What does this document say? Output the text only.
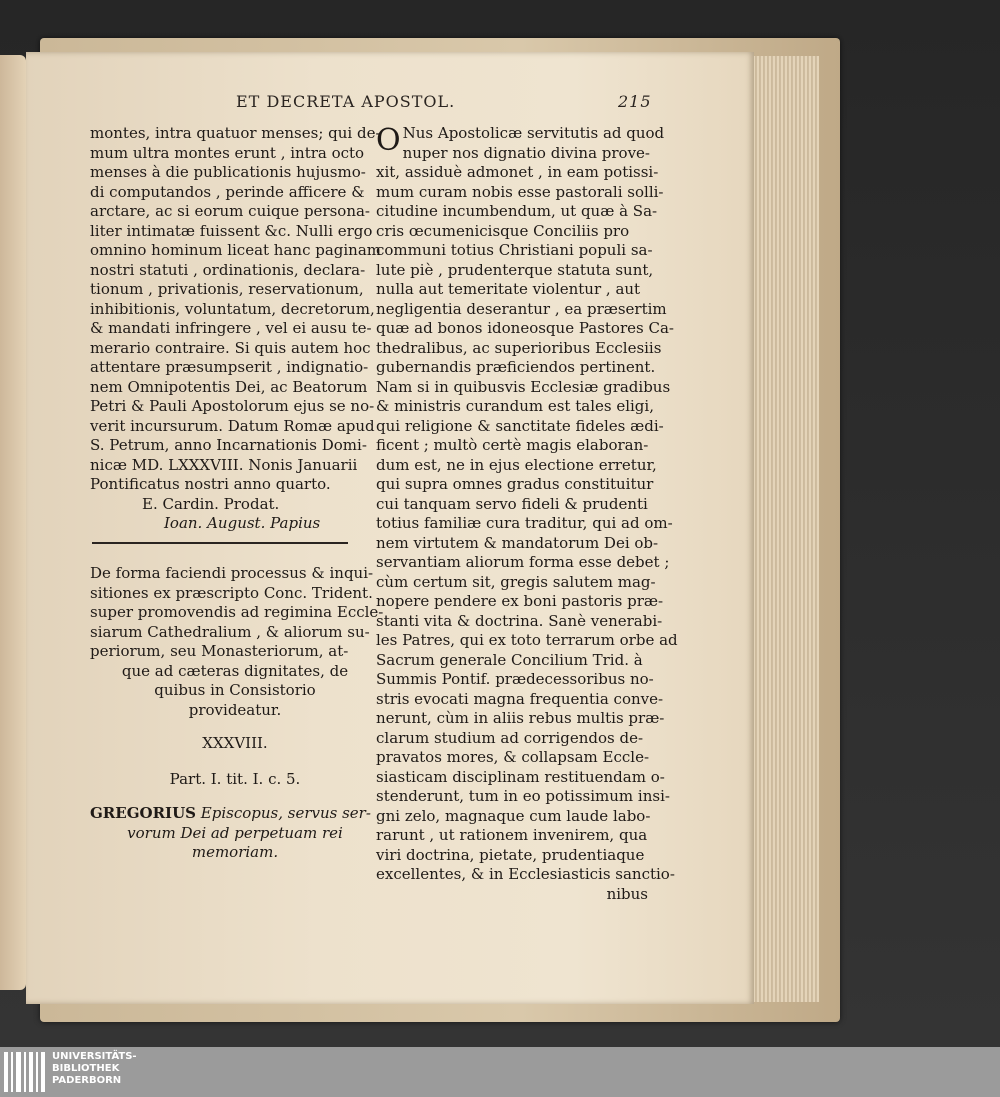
ET DECRETA APOSTOL.	215
montes, intra quatuor menses; qui de-
mum ultra montes erunt , intra octo
menses à die publicationis hujusmo-
di computandos , perinde afficere &
arctare, ac si eorum cuique persona-
liter intimatæ fuissent &c. Nulli ergo
omnino hominum liceat hanc paginam
nostri statuti , ordinationis, declara-
tionum , privationis, reservationum,
inhibitionis, voluntatum, decretorum,
& mandati infringere , vel ei ausu te-
merario contraire. Si quis autem hoc
attentare præsumpserit , indignatio-
nem Omnipotentis Dei, ac Beatorum
Petri & Pauli Apostolorum ejus se no-
verit incursurum. Datum Romæ apud
S. Petrum, anno Incarnationis Domi-
nicæ MD. LXXXVIII. Nonis Januarii
Pontificatus nostri anno quarto.
E. Cardin. Prodat.
Ioan. August. Papius
De forma faciendi processus & inqui-
sitiones ex præscripto Conc. Trident.
super promovendis ad regimina Eccle-
siarum Cathedralium , & aliorum su-
periorum, seu Monasteriorum, at-
que ad cæteras dignitates, de
quibus in Consistorio
provideatur.
XXXVIII.
Part. I. tit. I. c. 5.
GREGORIUS Episcopus, servus ser-
vorum Dei ad perpetuam rei
memoriam.
O Nus Apostolicæ servitutis ad quod
nuper nos dignatio divina prove-
xit, assiduè admonet , in eam potissi-
mum curam nobis esse pastorali solli-
citudine incumbendum, ut quæ à Sa-
cris œcumenicisque Conciliis pro
communi totius Christiani populi sa-
lute piè , prudenterque statuta sunt,
nulla aut temeritate violentur , aut
negligentia deserantur , ea præsertim
quæ ad bonos idoneosque Pastores Ca-
thedralibus, ac superioribus Ecclesiis
gubernandis præficiendos pertinent.
Nam si in quibusvis Ecclesiæ gradibus
& ministris curandum est tales eligi,
qui religione & sanctitate fideles ædi-
ficent ; multò certè magis elaboran-
dum est, ne in ejus electione erretur,
qui supra omnes gradus constituitur
cui tanquam servo fideli & prudenti
totius familiæ cura traditur, qui ad om-
nem virtutem & mandatorum Dei ob-
servantiam aliorum forma esse debet ;
cùm certum sit, gregis salutem mag-
nopere pendere ex boni pastoris præ-
stanti vita & doctrina. Sanè venerabi-
les Patres, qui ex toto terrarum orbe ad
Sacrum generale Concilium Trid. à
Summis Pontif. prædecessoribus no-
stris evocati magna frequentia conve-
nerunt, cùm in aliis rebus multis præ-
clarum studium ad corrigendos de-
pravatos mores, & collapsam Eccle-
siasticam disciplinam restituendam o-
stenderunt, tum in eo potissimum insi-
gni zelo, magnaque cum laude labo-
rarunt , ut rationem invenirem, qua
viri doctrina, pietate, prudentiaque
excellentes, & in Ecclesiasticis sanctio-
nibus
UNIVERSITÄTS-
BIBLIOTHEK
PADERBORN
